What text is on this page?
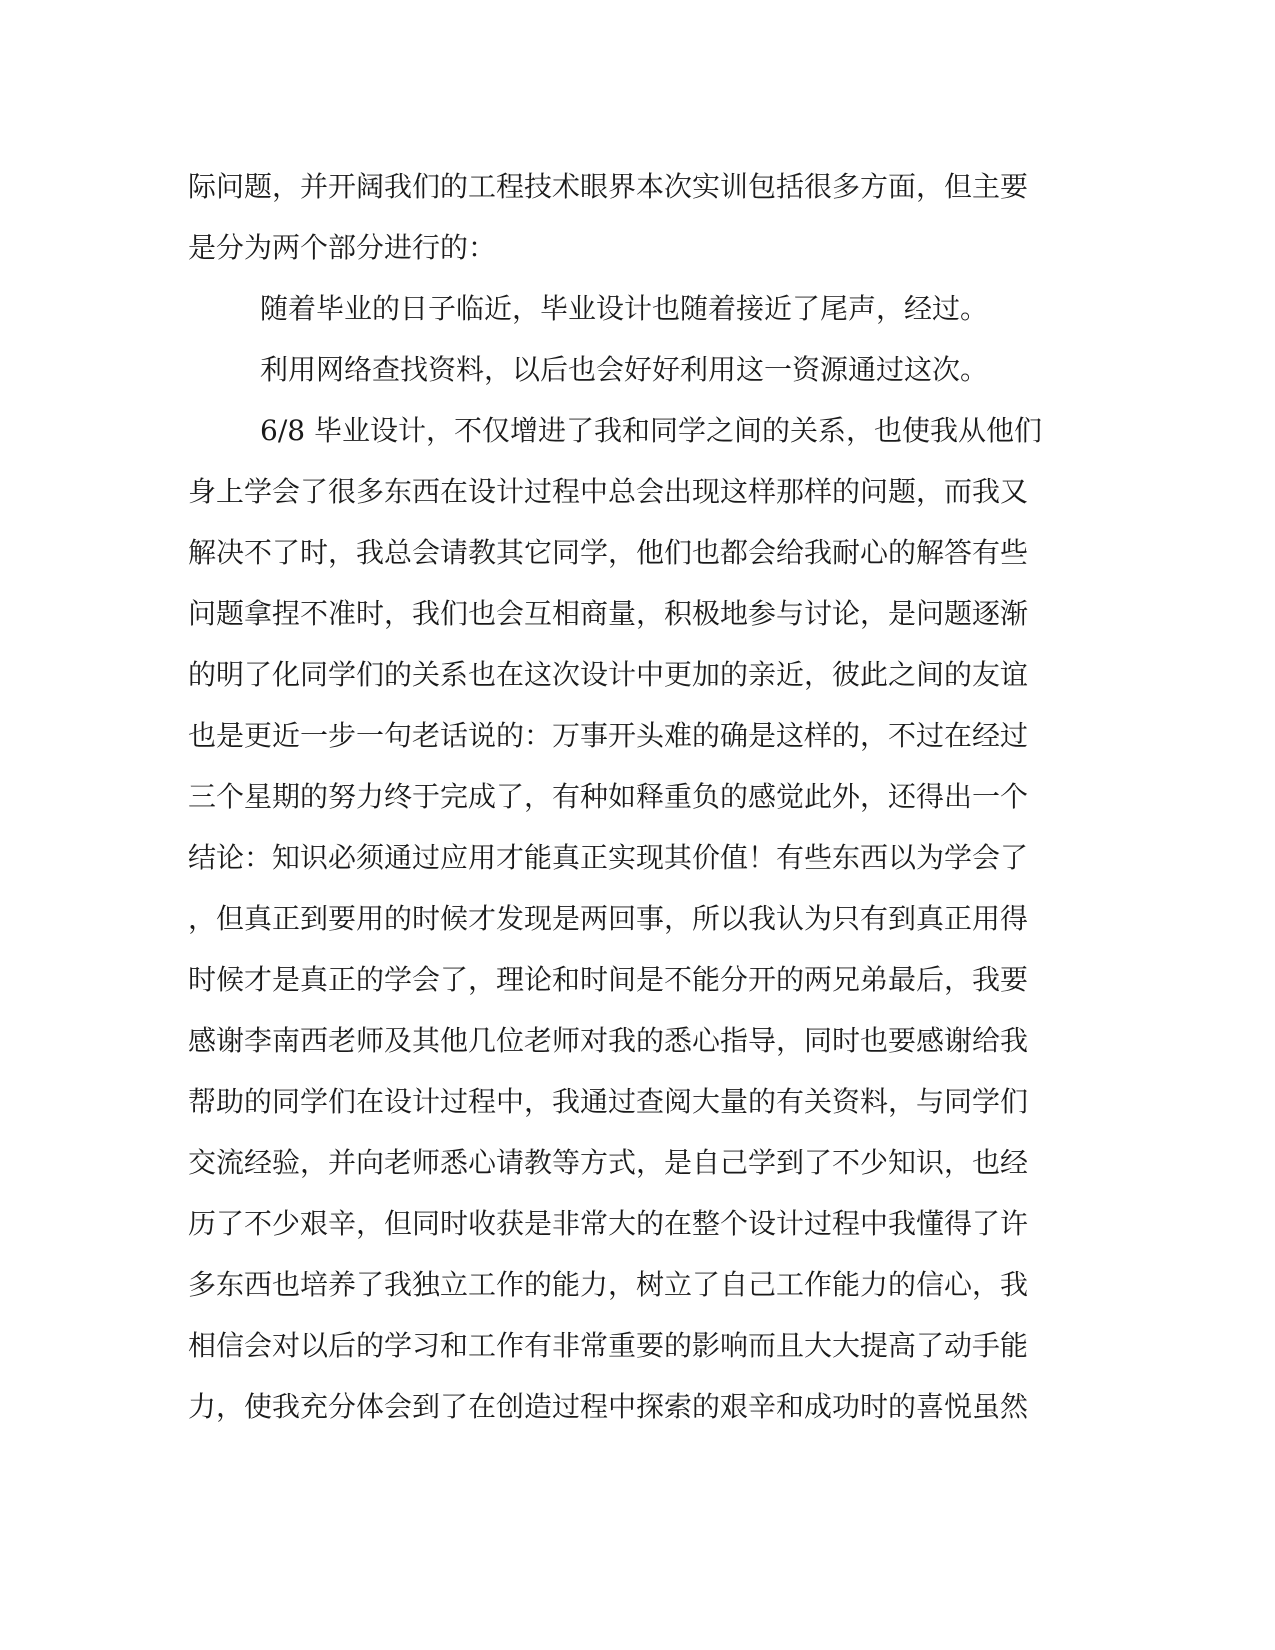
际问题，并开阔我们的工程技术眼界本次实训包括很多方面，但主要
是分为两个部分进行的：
随着毕业的日子临近，毕业设计也随着接近了尾声，经过。
利用网络查找资料，以后也会好好利用这一资源通过这次。
6/8 毕业设计，不仅增进了我和同学之间的关系，也使我从他们
身上学会了很多东西在设计过程中总会出现这样那样的问题，而我又
解决不了时，我总会请教其它同学，他们也都会给我耐心的解答有些
问题拿捏不准时，我们也会互相商量，积极地参与讨论，是问题逐渐
的明了化同学们的关系也在这次设计中更加的亲近，彼此之间的友谊
也是更近一步一句老话说的：万事开头难的确是这样的，不过在经过
三个星期的努力终于完成了，有种如释重负的感觉此外，还得出一个
结论：知识必须通过应用才能真正实现其价值！有些东西以为学会了
，但真正到要用的时候才发现是两回事，所以我认为只有到真正用得
时候才是真正的学会了，理论和时间是不能分开的两兄弟最后，我要
感谢李南西老师及其他几位老师对我的悉心指导，同时也要感谢给我
帮助的同学们在设计过程中，我通过查阅大量的有关资料，与同学们
交流经验，并向老师悉心请教等方式，是自己学到了不少知识，也经
历了不少艰辛，但同时收获是非常大的在整个设计过程中我懂得了许
多东西也培养了我独立工作的能力，树立了自己工作能力的信心，我
相信会对以后的学习和工作有非常重要的影响而且大大提高了动手能
力，使我充分体会到了在创造过程中探索的艰辛和成功时的喜悦虽然
